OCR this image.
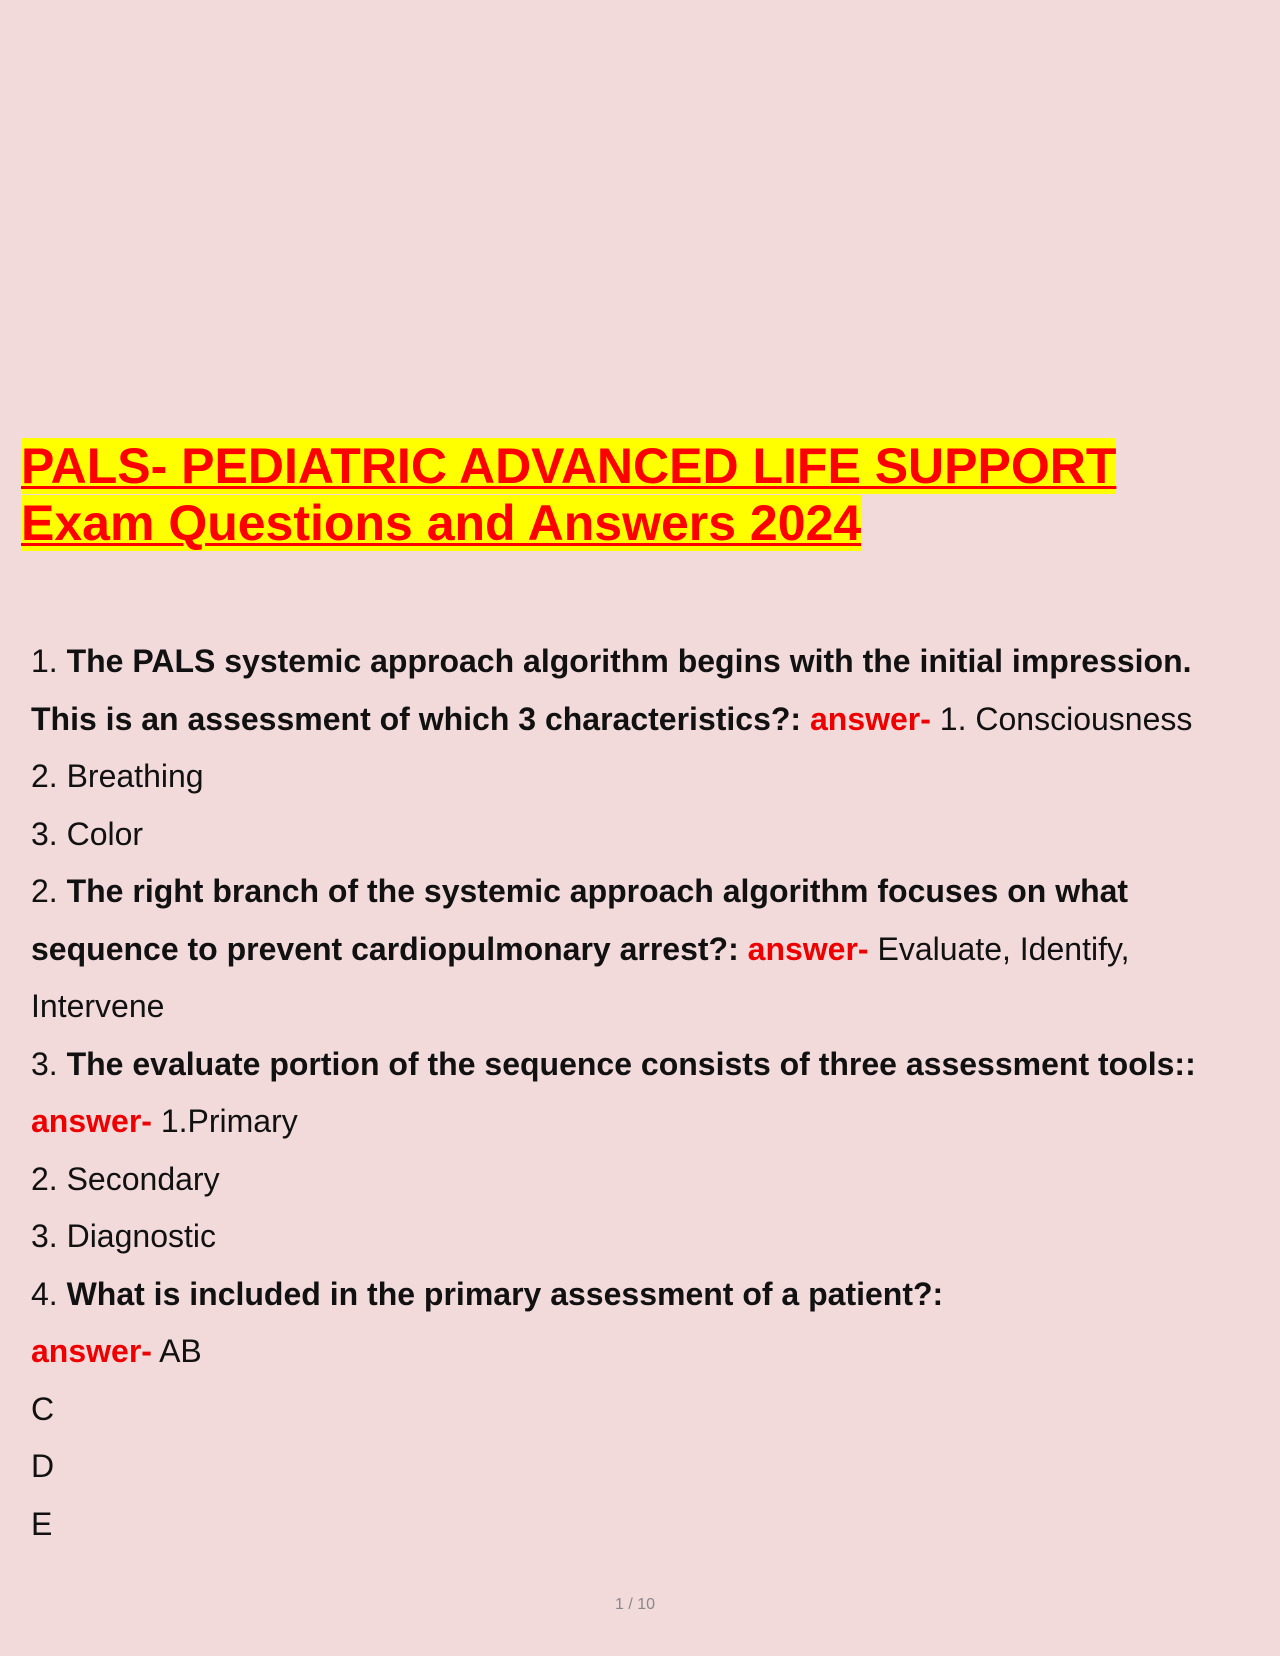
PALS- PEDIATRIC ADVANCED LIFE SUPPORT
Exam Questions and Answers 2024

1. The PALS systemic approach algorithm begins with the initial impression.

This is an assessment of which 3 characteristics?: answer- 1. Consciousness

2. Breathing

3. Color

2. The right branch of the systemic approach algorithm focuses on what

sequence to prevent cardiopulmonary arrest?: answer- Evaluate, Identify,

Intervene

3. The evaluate portion of the sequence consists of three assessment tools::

answer- 1.Primary

2. Secondary

3. Diagnostic

4. What is included in the primary assessment of a patient?:

answer- AB

C

D

E

1 / 10
